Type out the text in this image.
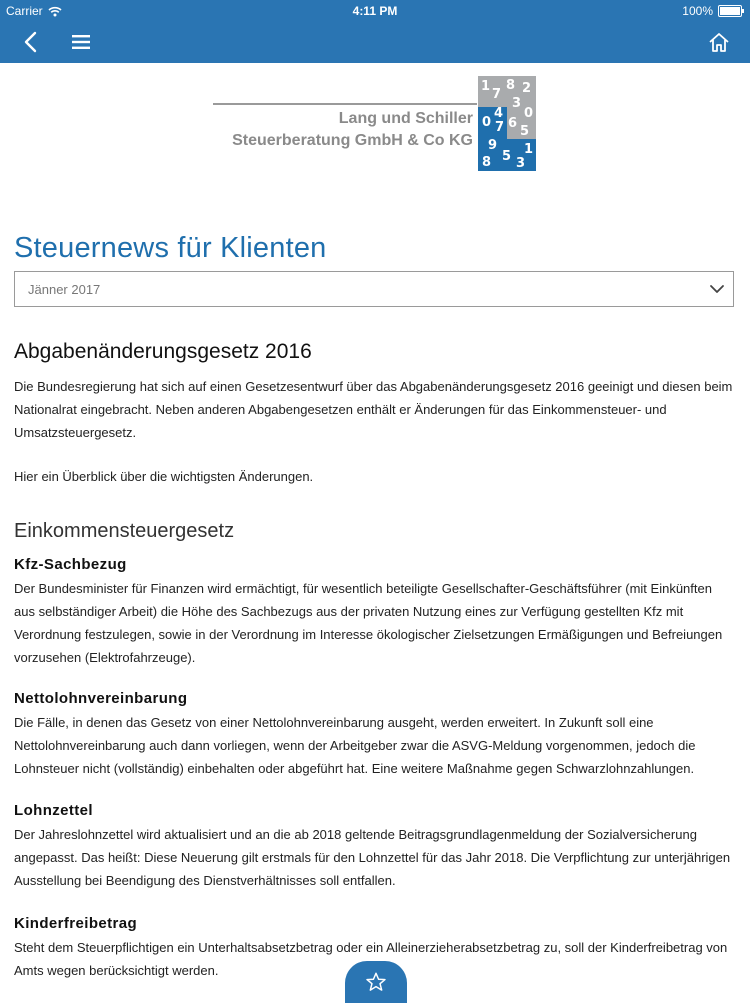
Carrier	4:11 PM	100%
Lang und Schiller
Steuerberatung GmbH & Co KG
1
7
8 2
3
0
4
6
7 5
0
9
5 1
8 3
Steuernews für Klienten
Jänner 2017
Abgabenänderungsgesetz 2016

Die Bundesregierung hat sich auf einen Gesetzesentwurf über das Abgabenänderungsgesetz 2016 geeinigt und diesen beim Nationalrat eingebracht. Neben anderen Abgabengesetzen enthält er Änderungen für das Einkommensteuer- und Umsatzsteuergesetz.

Hier ein Überblick über die wichtigsten Änderungen.

Einkommensteuergesetz
Kfz-Sachbezug

Der Bundesminister für Finanzen wird ermächtigt, für wesentlich beteiligte Gesellschafter-Geschäftsführer (mit Einkünften aus selbständiger Arbeit) die Höhe des Sachbezugs aus der privaten Nutzung eines zur Verfügung gestellten Kfz mit Verordnung festzulegen, sowie in der Verordnung im Interesse ökologischer Zielsetzungen Ermäßigungen und Befreiungen vorzusehen (Elektrofahrzeuge).

Nettolohnvereinbarung

Die Fälle, in denen das Gesetz von einer Nettolohnvereinbarung ausgeht, werden erweitert. In Zukunft soll eine Nettolohnvereinbarung auch dann vorliegen, wenn der Arbeitgeber zwar die ASVG-Meldung vorgenommen, jedoch die Lohnsteuer nicht (vollständig) einbehalten oder abgeführt hat. Eine weitere Maßnahme gegen Schwarzlohnzahlungen.

Lohnzettel

Der Jahreslohnzettel wird aktualisiert und an die ab 2018 geltende Beitragsgrundlagenmeldung der Sozialversicherung angepasst. Das heißt: Diese Neuerung gilt erstmals für den Lohnzettel für das Jahr 2018. Die Verpflichtung zur unterjährigen Ausstellung bei Beendigung des Dienstverhältnisses soll entfallen.

Kinderfreibetrag

Steht dem Steuerpflichtigen ein Unterhaltsabsetzbetrag oder ein Alleinerzieherabsetzbetrag zu, soll der Kinderfreibetrag von Amts wegen berücksichtigt werden.
